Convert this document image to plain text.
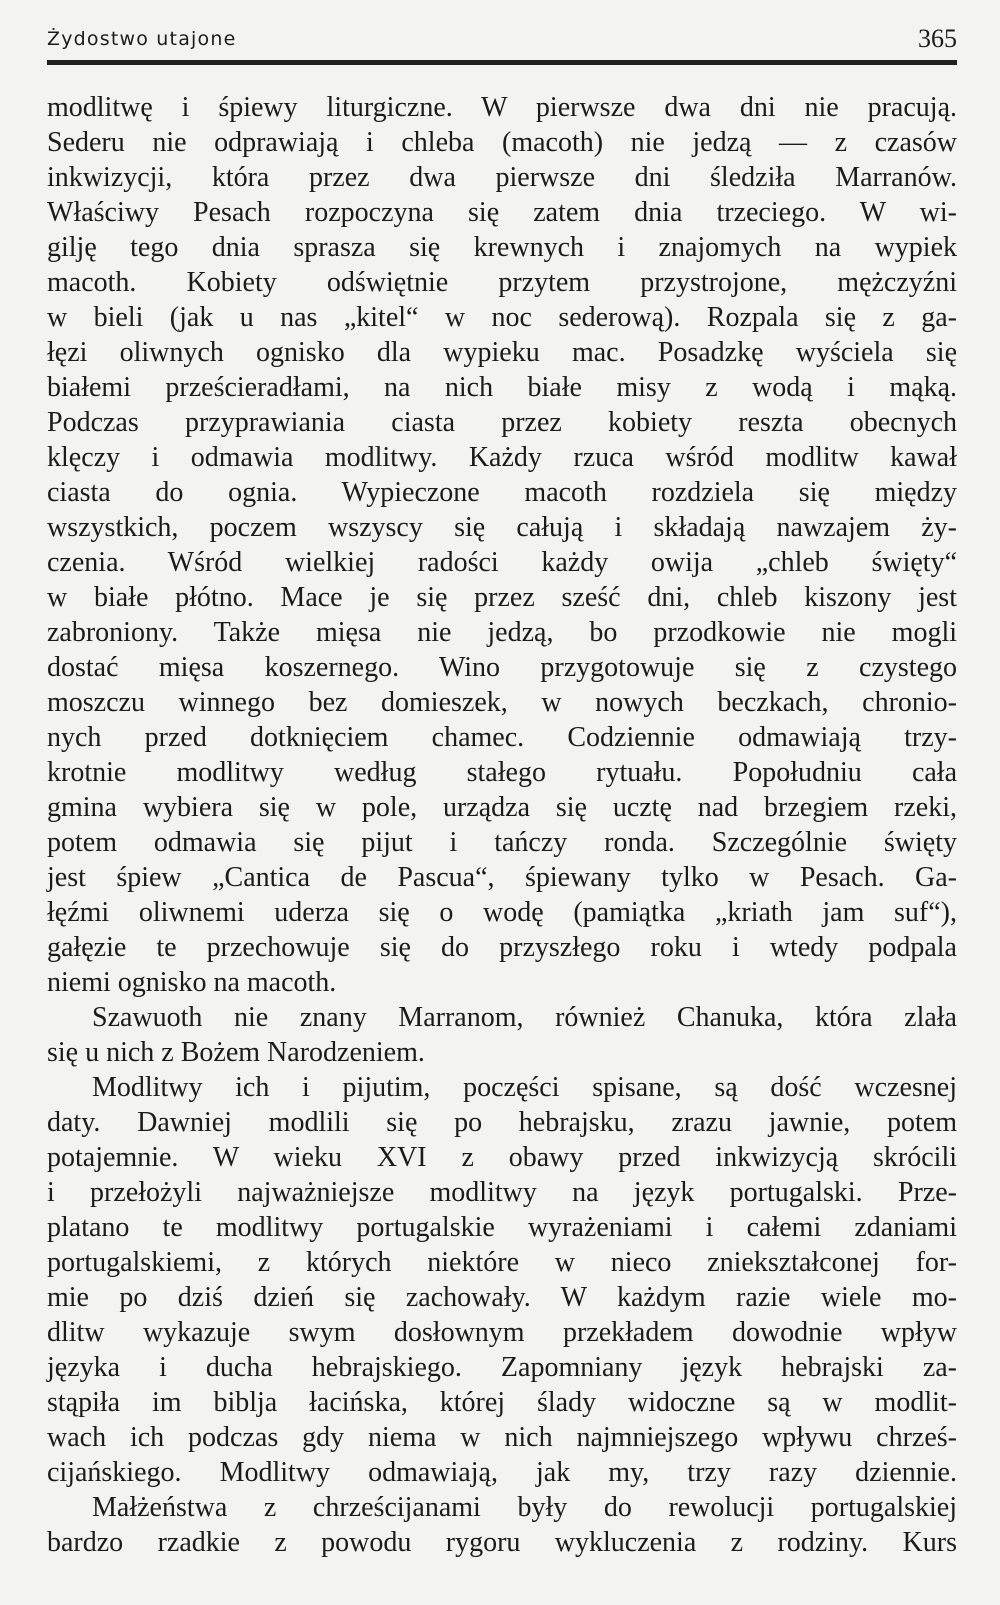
Żydostwo utajone	365
modlitwę i śpiewy liturgiczne. W pierwsze dwa dni nie pracują.
Sederu nie odprawiają i chleba (macoth) nie jedzą — z czasów
inkwizycji, która przez dwa pierwsze dni śledziła Marranów.
Właściwy Pesach rozpoczyna się zatem dnia trzeciego. W wi-
gilję tego dnia sprasza się krewnych i znajomych na wypiek
macoth. Kobiety odświętnie przytem przystrojone, mężczyźni
w bieli (jak u nas „kitel“ w noc sederową). Rozpala się z ga-
łęzi oliwnych ognisko dla wypieku mac. Posadzkę wyściela się
białemi prześcieradłami, na nich białe misy z wodą i mąką.
Podczas przyprawiania ciasta przez kobiety reszta obecnych
klęczy i odmawia modlitwy. Każdy rzuca wśród modlitw kawał
ciasta do ognia. Wypieczone macoth rozdziela się między
wszystkich, poczem wszyscy się całują i składają nawzajem ży-
czenia. Wśród wielkiej radości każdy owija „chleb święty“
w białe płótno. Mace je się przez sześć dni, chleb kiszony jest
zabroniony. Także mięsa nie jedzą, bo przodkowie nie mogli
dostać mięsa koszernego. Wino przygotowuje się z czystego
moszczu winnego bez domieszek, w nowych beczkach, chronio-
nych przed dotknięciem chamec. Codziennie odmawiają trzy-
krotnie modlitwy według stałego rytuału. Popołudniu cała
gmina wybiera się w pole, urządza się ucztę nad brzegiem rzeki,
potem odmawia się pijut i tańczy ronda. Szczególnie święty
jest śpiew „Cantica de Pascua“, śpiewany tylko w Pesach. Ga-
łęźmi oliwnemi uderza się o wodę (pamiątka „kriath jam suf“),
gałęzie te przechowuje się do przyszłego roku i wtedy podpala
niemi ognisko na macoth.
Szawuoth nie znany Marranom, również Chanuka, która zlała
się u nich z Bożem Narodzeniem.
Modlitwy ich i pijutim, poczęści spisane, są dość wczesnej
daty. Dawniej modlili się po hebrajsku, zrazu jawnie, potem
potajemnie. W wieku XVI z obawy przed inkwizycją skrócili
i przełożyli najważniejsze modlitwy na język portugalski. Prze-
platano te modlitwy portugalskie wyrażeniami i całemi zdaniami
portugalskiemi, z których niektóre w nieco zniekształconej for-
mie po dziś dzień się zachowały. W każdym razie wiele mo-
dlitw wykazuje swym dosłownym przekładem dowodnie wpływ
języka i ducha hebrajskiego. Zapomniany język hebrajski za-
stąpiła im biblja łacińska, której ślady widoczne są w modlit-
wach ich podczas gdy niema w nich najmniejszego wpływu chrześ-
cijańskiego. Modlitwy odmawiają, jak my, trzy razy dziennie.
Małżeństwa z chrześcijanami były do rewolucji portugalskiej
bardzo rzadkie z powodu rygoru wykluczenia z rodziny. Kurs
